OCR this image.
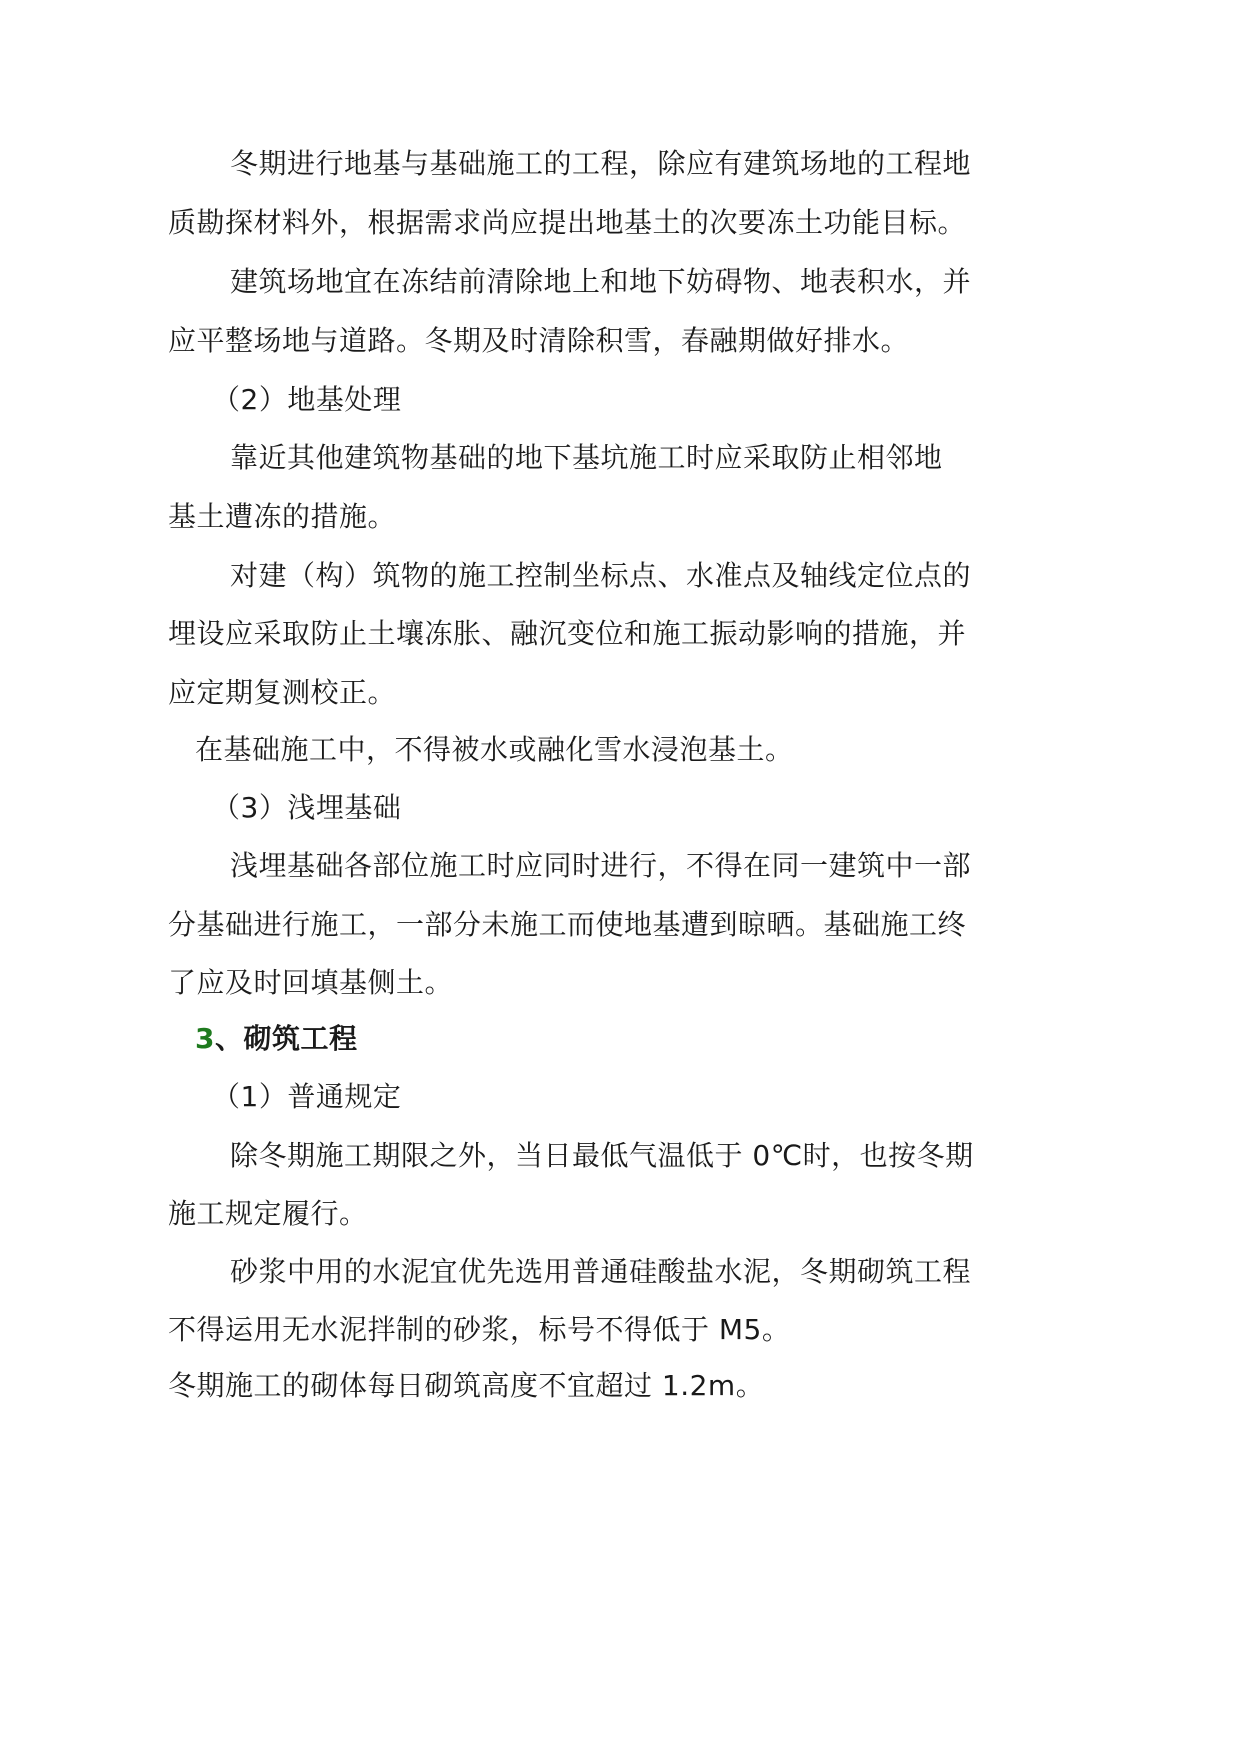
冬期进行地基与基础施工的工程，除应有建筑场地的工程地
质勘探材料外，根据需求尚应提出地基土的次要冻土功能目标。
建筑场地宜在冻结前清除地上和地下妨碍物、地表积水，并
应平整场地与道路。冬期及时清除积雪，春融期做好排水。
（2）地基处理
靠近其他建筑物基础的地下基坑施工时应采取防止相邻地
基土遭冻的措施。
对建（构）筑物的施工控制坐标点、水准点及轴线定位点的
埋设应采取防止土壤冻胀、融沉变位和施工振动影响的措施，并
应定期复测校正。
在基础施工中，不得被水或融化雪水浸泡基土。
（3）浅埋基础
浅埋基础各部位施工时应同时进行，不得在同一建筑中一部
分基础进行施工，一部分未施工而使地基遭到晾晒。基础施工终
了应及时回填基侧土。
3、砌筑工程
（1）普通规定
除冬期施工期限之外，当日最低气温低于 0℃时，也按冬期
施工规定履行。
砂浆中用的水泥宜优先选用普通硅酸盐水泥，冬期砌筑工程
不得运用无水泥拌制的砂浆，标号不得低于 M5。
冬期施工的砌体每日砌筑高度不宜超过 1.2m。
